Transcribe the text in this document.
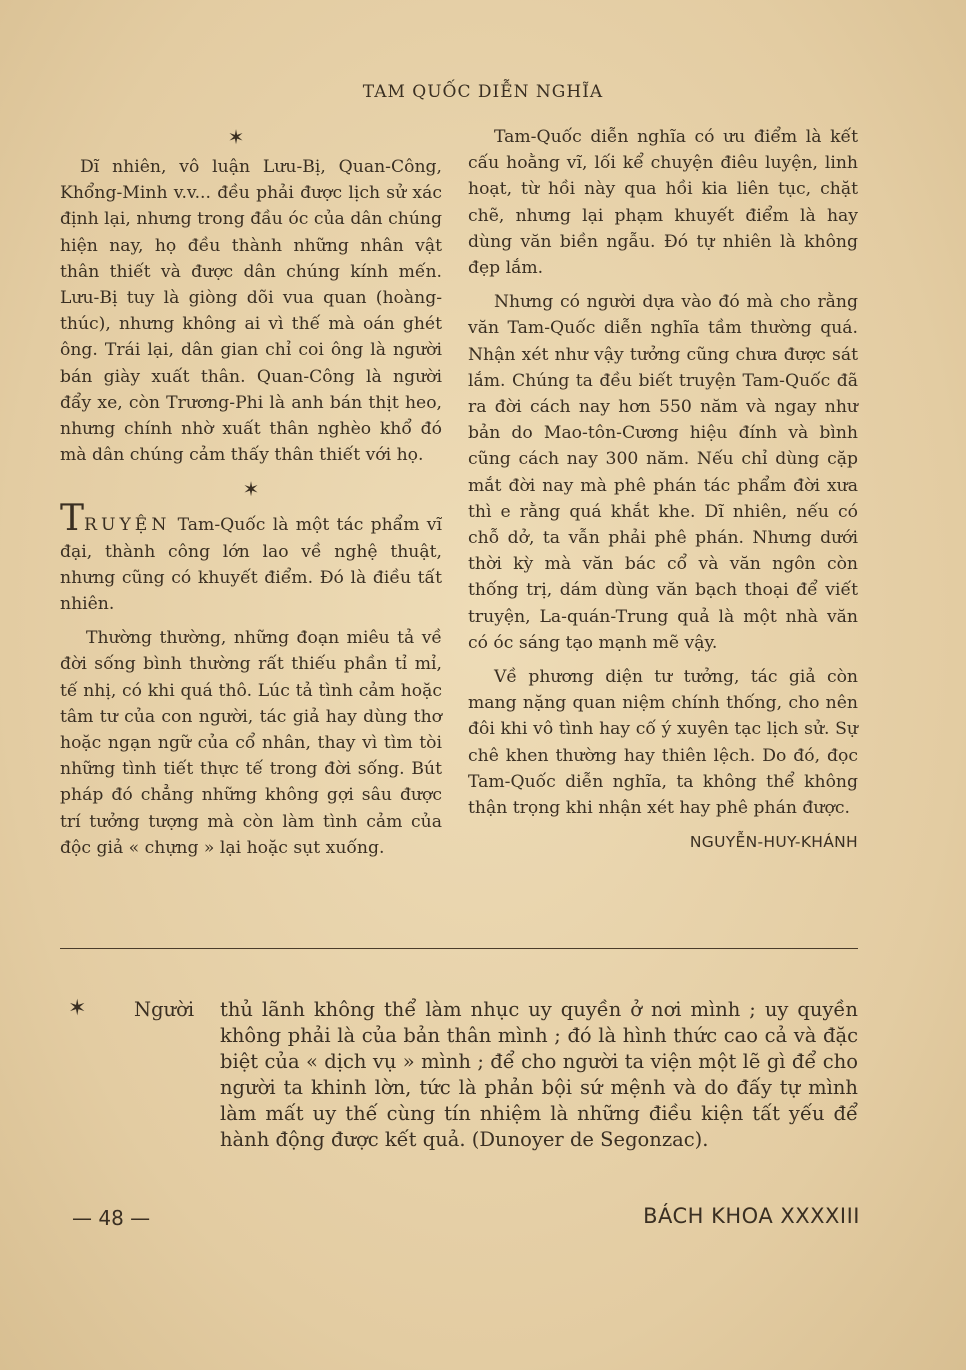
TAM QUỐC DIỄN NGHĨA
✶

Dĩ nhiên, vô luận Lưu-Bị, Quan-Công, Khổng-Minh v.v... đều phải được lịch sử xác định lại, nhưng trong đầu óc của dân chúng hiện nay, họ đều thành những nhân vật thân thiết và được dân chúng kính mến. Lưu-Bị tuy là giòng dõi vua quan (hoàng-thúc), nhưng không ai vì thế mà oán ghét ông. Trái lại, dân gian chỉ coi ông là người bán giày xuất thân. Quan-Công là người đẩy xe, còn Trương-Phi là anh bán thịt heo, nhưng chính nhờ xuất thân nghèo khổ đó mà dân chúng cảm thấy thân thiết với họ.

✶

TRUYỆN Tam-Quốc là một tác phẩm vĩ đại, thành công lớn lao về nghệ thuật, nhưng cũng có khuyết điểm. Đó là điều tất nhiên.

Thường thường, những đoạn miêu tả về đời sống bình thường rất thiếu phần tỉ mỉ, tế nhị, có khi quá thô. Lúc tả tình cảm hoặc tâm tư của con người, tác giả hay dùng thơ hoặc ngạn ngữ của cổ nhân, thay vì tìm tòi những tình tiết thực tế trong đời sống. Bút pháp đó chẳng những không gợi sâu được trí tưởng tượng mà còn làm tình cảm của độc giả « chựng » lại hoặc sụt xuống.

Tam-Quốc diễn nghĩa có ưu điểm là kết cấu hoằng vĩ, lối kể chuyện điêu luyện, linh hoạt, từ hồi này qua hồi kia liên tục, chặt chẽ, nhưng lại phạm khuyết điểm là hay dùng văn biền ngẫu. Đó tự nhiên là không đẹp lắm.

Nhưng có người dựa vào đó mà cho rằng văn Tam-Quốc diễn nghĩa tầm thường quá. Nhận xét như vậy tưởng cũng chưa được sát lắm. Chúng ta đều biết truyện Tam-Quốc đã ra đời cách nay hơn 550 năm và ngay như bản do Mao-tôn-Cương hiệu đính và bình cũng cách nay 300 năm. Nếu chỉ dùng cặp mắt đời nay mà phê phán tác phẩm đời xưa thì e rằng quá khắt khe. Dĩ nhiên, nếu có chỗ dở, ta vẫn phải phê phán. Nhưng dưới thời kỳ mà văn bác cổ và văn ngôn còn thống trị, dám dùng văn bạch thoại để viết truyện, La-quán-Trung quả là một nhà văn có óc sáng tạo mạnh mẽ vậy.

Về phương diện tư tưởng, tác giả còn mang nặng quan niệm chính thống, cho nên đôi khi vô tình hay cố ý xuyên tạc lịch sử. Sự chê khen thường hay thiên lệch. Do đó, đọc Tam-Quốc diễn nghĩa, ta không thể không thận trọng khi nhận xét hay phê phán được.

NGUYỄN-HUY-KHÁNH
✶ Người	thủ lãnh không thể làm nhục uy quyền ở nơi mình ; uy quyền không phải là của bản thân mình ; đó là hình thức cao cả và đặc biệt của « dịch vụ » mình ; để cho người ta viện một lẽ gì để cho người ta khinh lờn, tức là phản bội sứ mệnh và do đấy tự mình làm mất uy thế cùng tín nhiệm là những điều kiện tất yếu để hành động được kết quả. (Dunoyer de Segonzac).
— 48 —	BÁCH KHOA XXXXIII
